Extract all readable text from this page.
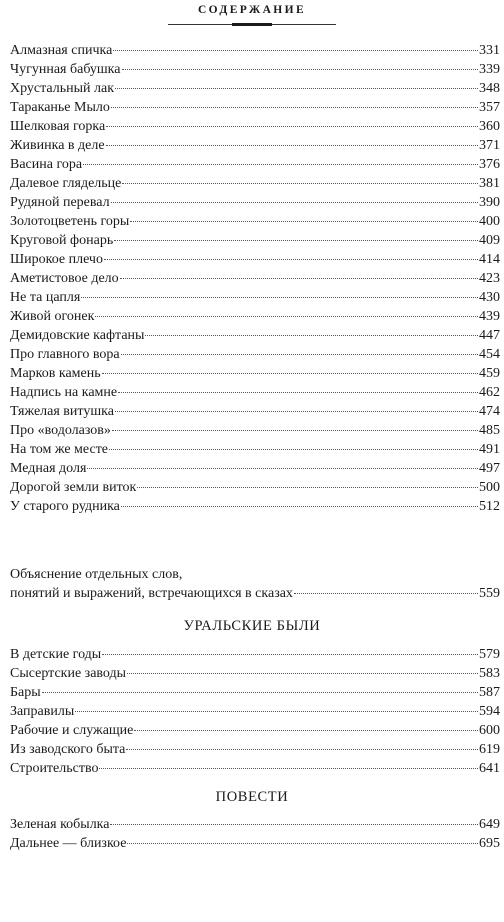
СОДЕРЖАНИЕ
Алмазная спичка	331
Чугунная бабушка	339
Хрустальный лак	348
Тараканье Мыло	357
Шелковая горка	360
Живинка в деле	371
Васина гора	376
Далевое глядельце	381
Рудяной перевал	390
Золотоцветень горы	400
Круговой фонарь	409
Широкое плечо	414
Аметистовое дело	423
Не та цапля	430
Живой огонек	439
Демидовские кафтаны	447
Про главного вора	454
Марков камень	459
Надпись на камне	462
Тяжелая витушка	474
Про «водолазов»	485
На том же месте	491
Медная доля	497
Дорогой земли виток	500
У старого рудника	512
Объяснение отдельных слов,
понятий и выражений, встречающихся в сказах	559
УРАЛЬСКИЕ БЫЛИ
В детские годы	579
Сысертские заводы	583
Бары	587
Заправилы	594
Рабочие и служащие	600
Из заводского быта	619
Строительство	641
ПОВЕСТИ
Зеленая кобылка	649
Дальнее — близкое	695
